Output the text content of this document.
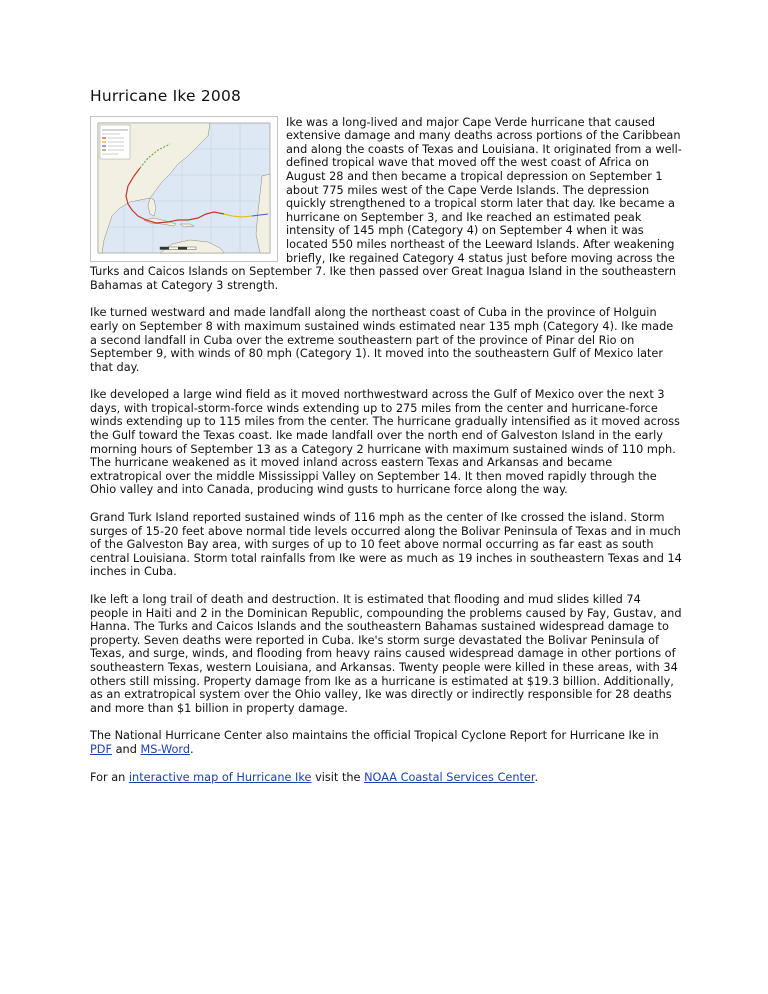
Hurricane Ike 2008

Ike was a long-lived and major Cape Verde hurricane that caused extensive damage and many deaths across portions of the Caribbean and along the coasts of Texas and Louisiana. It originated from a well-defined tropical wave that moved off the west coast of Africa on August 28 and then became a tropical depression on September 1 about 775 miles west of the Cape Verde Islands. The depression quickly strengthened to a tropical storm later that day. Ike became a hurricane on September 3, and Ike reached an estimated peak intensity of 145 mph (Category 4) on September 4 when it was located 550 miles northeast of the Leeward Islands. After weakening briefly, Ike regained Category 4 status just before moving across the Turks and Caicos Islands on September 7. Ike then passed over Great Inagua Island in the southeastern Bahamas at Category 3 strength.

Ike turned westward and made landfall along the northeast coast of Cuba in the province of Holguin early on September 8 with maximum sustained winds estimated near 135 mph (Category 4). Ike made a second landfall in Cuba over the extreme southeastern part of the province of Pinar del Rio on September 9, with winds of 80 mph (Category 1). It moved into the southeastern Gulf of Mexico later that day.

Ike developed a large wind field as it moved northwestward across the Gulf of Mexico over the next 3 days, with tropical-storm-force winds extending up to 275 miles from the center and hurricane-force winds extending up to 115 miles from the center. The hurricane gradually intensified as it moved across the Gulf toward the Texas coast. Ike made landfall over the north end of Galveston Island in the early morning hours of September 13 as a Category 2 hurricane with maximum sustained winds of 110 mph. The hurricane weakened as it moved inland across eastern Texas and Arkansas and became extratropical over the middle Mississippi Valley on September 14. It then moved rapidly through the Ohio valley and into Canada, producing wind gusts to hurricane force along the way.

Grand Turk Island reported sustained winds of 116 mph as the center of Ike crossed the island. Storm surges of 15-20 feet above normal tide levels occurred along the Bolivar Peninsula of Texas and in much of the Galveston Bay area, with surges of up to 10 feet above normal occurring as far east as south central Louisiana. Storm total rainfalls from Ike were as much as 19 inches in southeastern Texas and 14 inches in Cuba.

Ike left a long trail of death and destruction. It is estimated that flooding and mud slides killed 74 people in Haiti and 2 in the Dominican Republic, compounding the problems caused by Fay, Gustav, and Hanna. The Turks and Caicos Islands and the southeastern Bahamas sustained widespread damage to property. Seven deaths were reported in Cuba. Ike's storm surge devastated the Bolivar Peninsula of Texas, and surge, winds, and flooding from heavy rains caused widespread damage in other portions of southeastern Texas, western Louisiana, and Arkansas. Twenty people were killed in these areas, with 34 others still missing. Property damage from Ike as a hurricane is estimated at $19.3 billion. Additionally, as an extratropical system over the Ohio valley, Ike was directly or indirectly responsible for 28 deaths and more than $1 billion in property damage.

The National Hurricane Center also maintains the official Tropical Cyclone Report for Hurricane Ike in PDF and MS-Word.

For an interactive map of Hurricane Ike visit the NOAA Coastal Services Center.
